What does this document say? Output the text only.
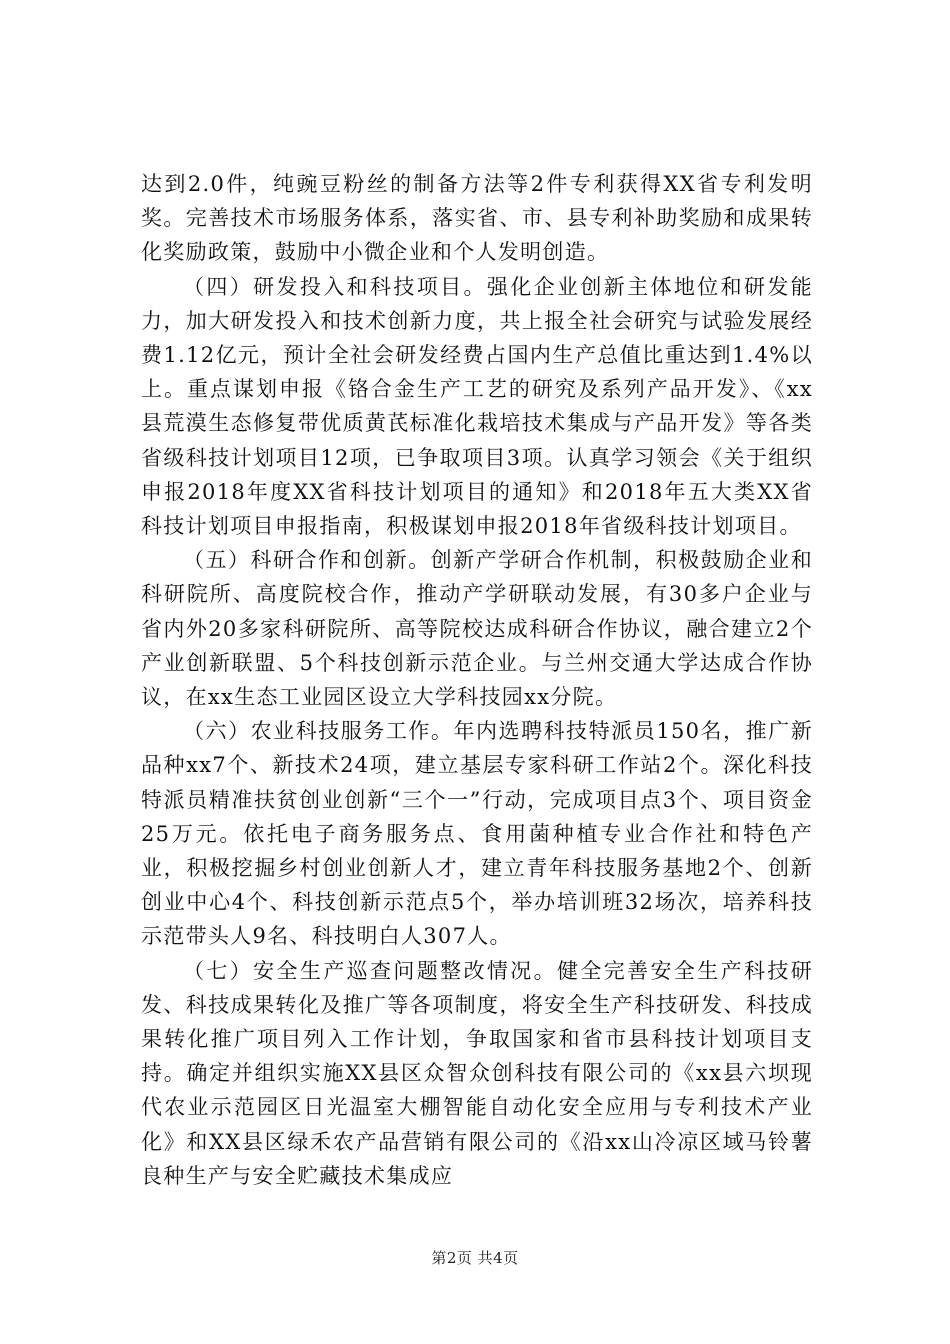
达到2.0件，纯豌豆粉丝的制备方法等2件专利获得XX省专利发明奖。完善技术市场服务体系，落实省、市、县专利补助奖励和成果转化奖励政策，鼓励中小微企业和个人发明创造。

（四）研发投入和科技项目。强化企业创新主体地位和研发能力，加大研发投入和技术创新力度，共上报全社会研究与试验发展经费1.12亿元，预计全社会研发经费占国内生产总值比重达到1.4%以上。重点谋划申报《铬合金生产工艺的研究及系列产品开发》、《xx县荒漠生态修复带优质黄芪标准化栽培技术集成与产品开发》等各类省级科技计划项目12项，已争取项目3项。认真学习领会《关于组织申报2018年度XX省科技计划项目的通知》和2018年五大类XX省科技计划项目申报指南，积极谋划申报2018年省级科技计划项目。

（五）科研合作和创新。创新产学研合作机制，积极鼓励企业和科研院所、高度院校合作，推动产学研联动发展，有30多户企业与省内外20多家科研院所、高等院校达成科研合作协议，融合建立2个产业创新联盟、5个科技创新示范企业。与兰州交通大学达成合作协议，在xx生态工业园区设立大学科技园xx分院。

（六）农业科技服务工作。年内选聘科技特派员150名，推广新品种xx7个、新技术24项，建立基层专家科研工作站2个。深化科技特派员精准扶贫创业创新“三个一”行动，完成项目点3个、项目资金25万元。依托电子商务服务点、食用菌种植专业合作社和特色产业，积极挖掘乡村创业创新人才，建立青年科技服务基地2个、创新创业中心4个、科技创新示范点5个，举办培训班32场次，培养科技示范带头人9名、科技明白人307人。

（七）安全生产巡查问题整改情况。健全完善安全生产科技研发、科技成果转化及推广等各项制度，将安全生产科技研发、科技成果转化推广项目列入工作计划，争取国家和省市县科技计划项目支持。确定并组织实施XX县区众智众创科技有限公司的《xx县六坝现代农业示范园区日光温室大棚智能自动化安全应用与专利技术产业化》和XX县区绿禾农产品营销有限公司的《沿xx山冷凉区域马铃薯良种生产与安全贮藏技术集成应

第2页 共4页
